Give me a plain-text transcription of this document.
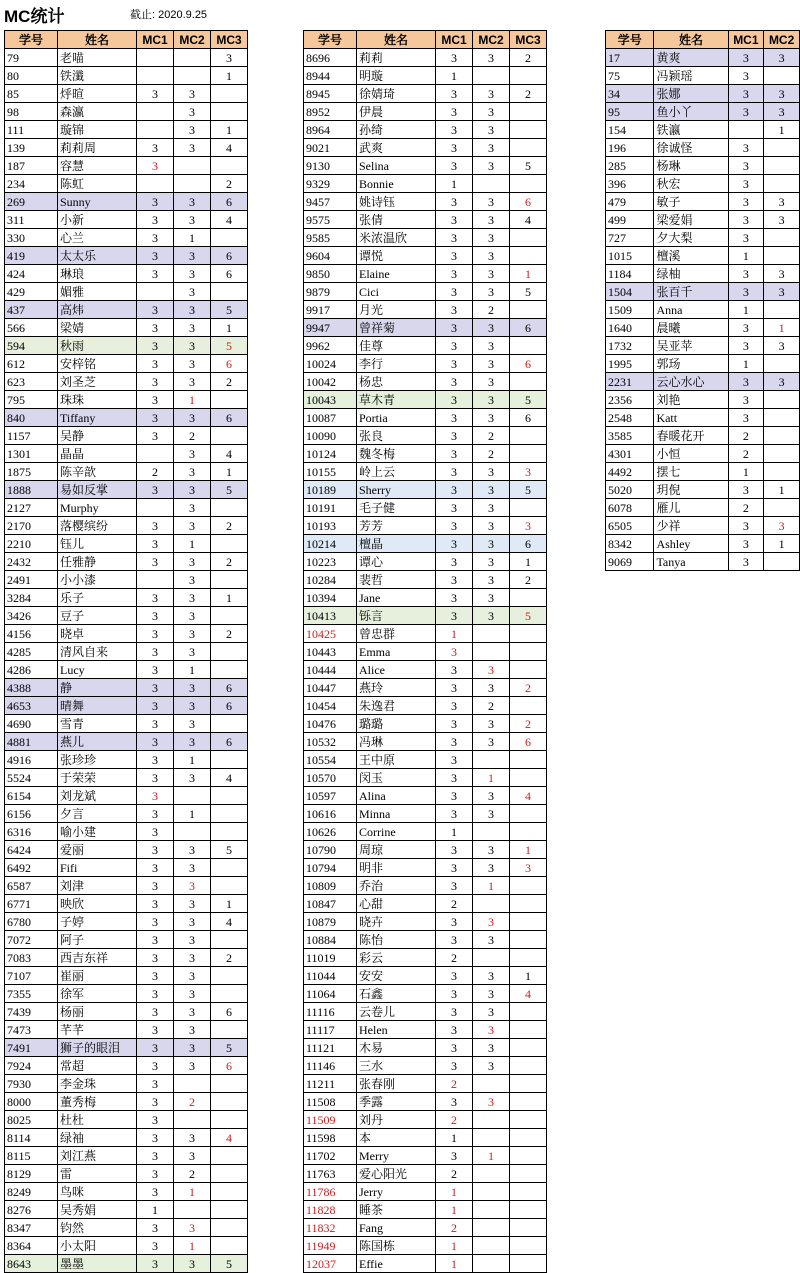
MC统计	截止: 2020.9.25
学号	姓名	MC1	MC2	MC3
79	老喵			3
80	铁瀸			1
85	烀暄	3	3	
98	森瀛		3	
111	璇锦		3	1
139	莉莉周	3	3	4
187	容慧	3		
234	陈虹			2
269	Sunny	3	3	6
311	小新	3	3	4
330	心兰	3	1	
419	太太乐	3	3	6
424	琳琅	3	3	6
429	媚雅		3	
437	高炜	3	3	5
566	梁婧	3	3	1
594	秋雨	3	3	5
612	安梓铭	3	3	6
623	刘圣芝	3	3	2
795	珠珠	3	1	
840	Tiffany	3	3	6
1157	吴静	3	2	
1301	晶晶		3	4
1875	陈辛歆	2	3	1
1888	易如反掌	3	3	5
2127	Murphy		3	
2170	落樱缤纷	3	3	2
2210	钰儿	3	1	
2432	任雅静	3	3	2
2491	小小漆		3	
3284	乐子	3	3	1
3426	豆子	3	3	
4156	晓卓	3	3	2
4285	清风自来	3	3	
4286	Lucy	3	1	
4388	静	3	3	6
4653	晴舞	3	3	6
4690	雪青	3	3	
4881	燕儿	3	3	6
4916	张珍珍	3	1	
5524	于荣荣	3	3	4
6154	刘龙斌	3		
6156	夕言	3	1	
6316	喻小建	3		
6424	爱丽	3	3	5
6492	Fifi	3	3	
6587	刘津	3	3	
6771	映欣	3	3	1
6780	子婷	3	3	4
7072	阿子	3	3	
7083	西吉东祥	3	3	2
7107	崔丽	3	3	
7355	徐军	3	3	
7439	杨丽	3	3	6
7473	芊芊	3	3	
7491	狮子的眼泪	3	3	5
7924	常超	3	3	6
7930	李金珠	3		
8000	董秀梅	3	2	
8025	杜杜	3		
8114	绿袖	3	3	4
8115	刘江燕	3	3	
8129	雷	3	2	
8249	鸟咪	3	1	
8276	吴秀娟	1		
8347	钧然	3	3	
8364	小太阳	3	1	
8643	墨墨	3	3	5
学号	姓名	MC1	MC2	MC3
8696	莉莉	3	3	2
8944	明璇	1		
8945	徐婧琦	3	3	2
8952	伊晨	3	3	
8964	孙绮	3	3	
9021	武爽	3	3	
9130	Selina	3	3	5
9329	Bonnie	1		
9457	姚诗钰	3	3	6
9575	张倩	3	3	4
9585	米浓温欣	3	3	
9604	谭悦	3	3	
9850	Elaine	3	3	1
9879	Cici	3	3	5
9917	月光	3	2	
9947	曾祥菊	3	3	6
9962	佳尊	3	3	
10024	李行	3	3	6
10042	杨忠	3	3	
10043	草木青	3	3	5
10087	Portia	3	3	6
10090	张良	3	2	
10124	魏冬梅	3	2	
10155	岭上云	3	3	3
10189	Sherry	3	3	5
10191	毛子健	3	3	
10193	芳芳	3	3	3
10214	檀晶	3	3	6
10223	谭心	3	3	1
10284	裴哲	3	3	2
10394	Jane	3	3	
10413	铄言	3	3	5
10425	曾忠群	1		
10443	Emma	3		
10444	Alice	3	3	
10447	燕玲	3	3	2
10454	朱逸君	3	2	
10476	璐璐	3	3	2
10532	冯琳	3	3	6
10554	王中原	3		
10570	闵玉	3	1	
10597	Alina	3	3	4
10616	Minna	3	3	
10626	Corrine	1		
10790	周琼	3	3	1
10794	明非	3	3	3
10809	乔治	3	1	
10847	心甜	2		
10879	晓卉	3	3	
10884	陈怡	3	3	
11019	彩云	2		
11044	安安	3	3	1
11064	石鑫	3	3	4
11116	云卷儿	3	3	
11117	Helen	3	3	
11121	木易	3	3	
11146	三水	3	3	
11211	张春刚	2		
11508	季露	3	3	
11509	刘丹	2		
11598	本	1		
11702	Merry	3	1	
11763	爱心阳光	2		
11786	Jerry	1		
11828	睡茶	1		
11832	Fang	2		
11949	陈国栋	1		
12037	Effie	1		
学号	姓名	MC1	MC2
17	黄爽	3	3
75	冯颖瑶	3	
34	张娜	3	3
95	鱼小丫	3	3
154	铁瀛		1
196	徐诚怪	3	
285	杨琳	3	
396	秋宏	3	
479	敏子	3	3
499	梁爱娟	3	3
727	夕大梨	3	
1015	檀溪	1	
1184	绿柚	3	3
1504	张百千	3	3
1509	Anna	1	
1640	晨曦	3	1
1732	吴亚苹	3	3
1995	郭玚	1	
2231	云心水心	3	3
2356	刘艳	3	
2548	Katt	3	
3585	春暖花开	2	
4301	小恒	2	
4492	摆七	1	
5020	玥倪	3	1
6078	雁儿	2	
6505	少祥	3	3
8342	Ashley	3	1
9069	Tanya	3	
